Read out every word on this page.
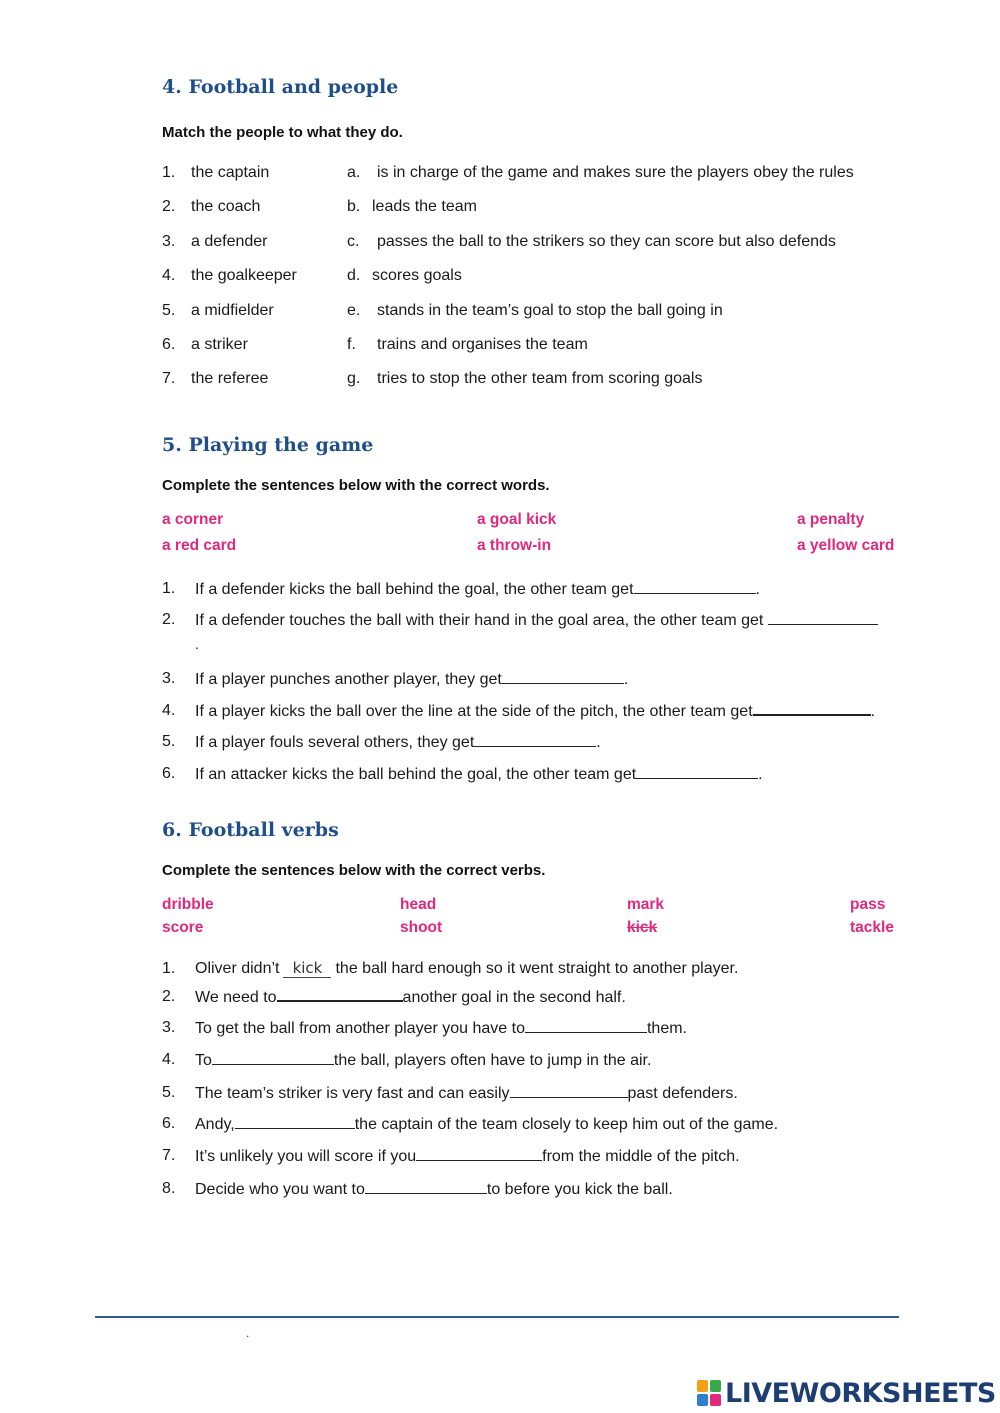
4. Football and people
Match the people to what they do.
1. the captain	a. is in charge of the game and makes sure the players obey the rules
2. the coach	b. leads the team
3. a defender	c. passes the ball to the strikers so they can score but also defends
4. the goalkeeper	d. scores goals
5. a midfielder	e. stands in the team’s goal to stop the ball going in
6. a striker	f. trains and organises the team
7. the referee	g. tries to stop the other team from scoring goals
5. Playing the game
Complete the sentences below with the correct words.
a corner	a goal kick	a penalty
a red card	a throw-in	a yellow card
1. If a defender kicks the ball behind the goal, the other team get	.
2. If a defender touches the ball with their hand in the goal area, the other team get
.
3. If a player punches another player, they get	.
4. If a player kicks the ball over the line at the side of the pitch, the other team get	.
5. If a player fouls several others, they get	.
6. If an attacker kicks the ball behind the goal, the other team get	.
6. Football verbs
Complete the sentences below with the correct verbs.
dribble	head	mark	pass
score	shoot	kick	tackle
1. Oliver didn’t kick the ball hard enough so it went straight to another player.
2. We need to	another goal in the second half.
3. To get the ball from another player you have to	them.
4. To	the ball, players often have to jump in the air.
5. The team’s striker is very fast and can easily	past defenders.
6. Andy,	the captain of the team closely to keep him out of the game.
7. It’s unlikely you will score if you	from the middle of the pitch.
8. Decide who you want to	to before you kick the ball.
.
LIVEWORKSHEETS
